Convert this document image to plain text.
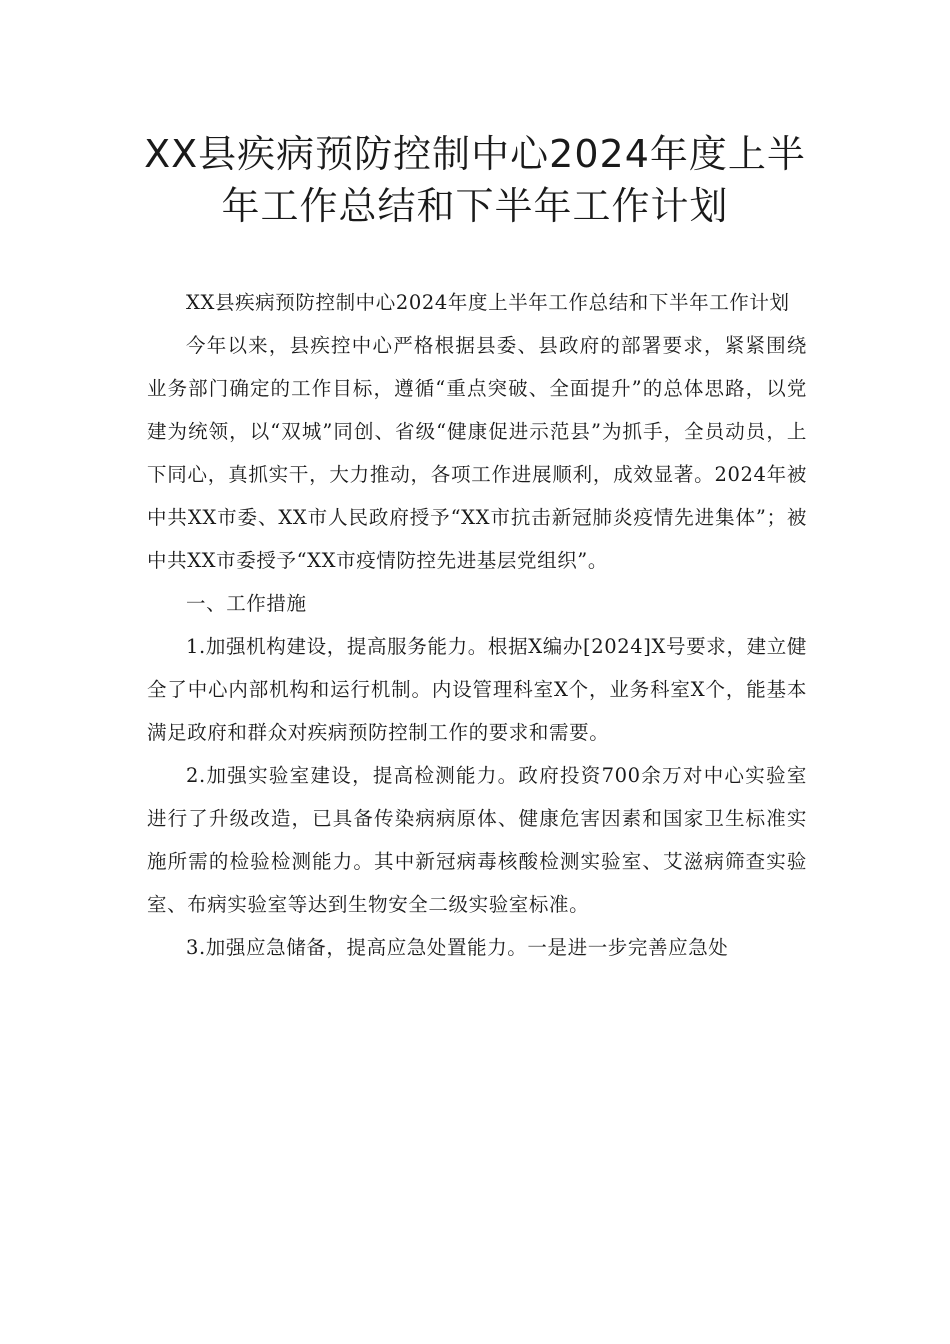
XX县疾病预防控制中心2024年度上半
年工作总结和下半年工作计划

XX县疾病预防控制中心2024年度上半年工作总结和下半年工作计划

今年以来，县疾控中心严格根据县委、县政府的部署要求，紧紧围绕业务部门确定的工作目标，遵循“重点突破、全面提升”的总体思路，以党建为统领，以“双城”同创、省级“健康促进示范县”为抓手，全员动员，上下同心，真抓实干，大力推动，各项工作进展顺利，成效显著。2024年被中共XX市委、XX市人民政府授予“XX市抗击新冠肺炎疫情先进集体”；被中共XX市委授予“XX市疫情防控先进基层党组织”。

一、工作措施

1.加强机构建设，提高服务能力。根据X编办[2024]X号要求，建立健全了中心内部机构和运行机制。内设管理科室X个，业务科室X个，能基本满足政府和群众对疾病预防控制工作的要求和需要。

2.加强实验室建设，提高检测能力。政府投资700余万对中心实验室进行了升级改造，已具备传染病病原体、健康危害因素和国家卫生标准实施所需的检验检测能力。其中新冠病毒核酸检测实验室、艾滋病筛查实验室、布病实验室等达到生物安全二级实验室标准。

3.加强应急储备，提高应急处置能力。一是进一步完善应急处
